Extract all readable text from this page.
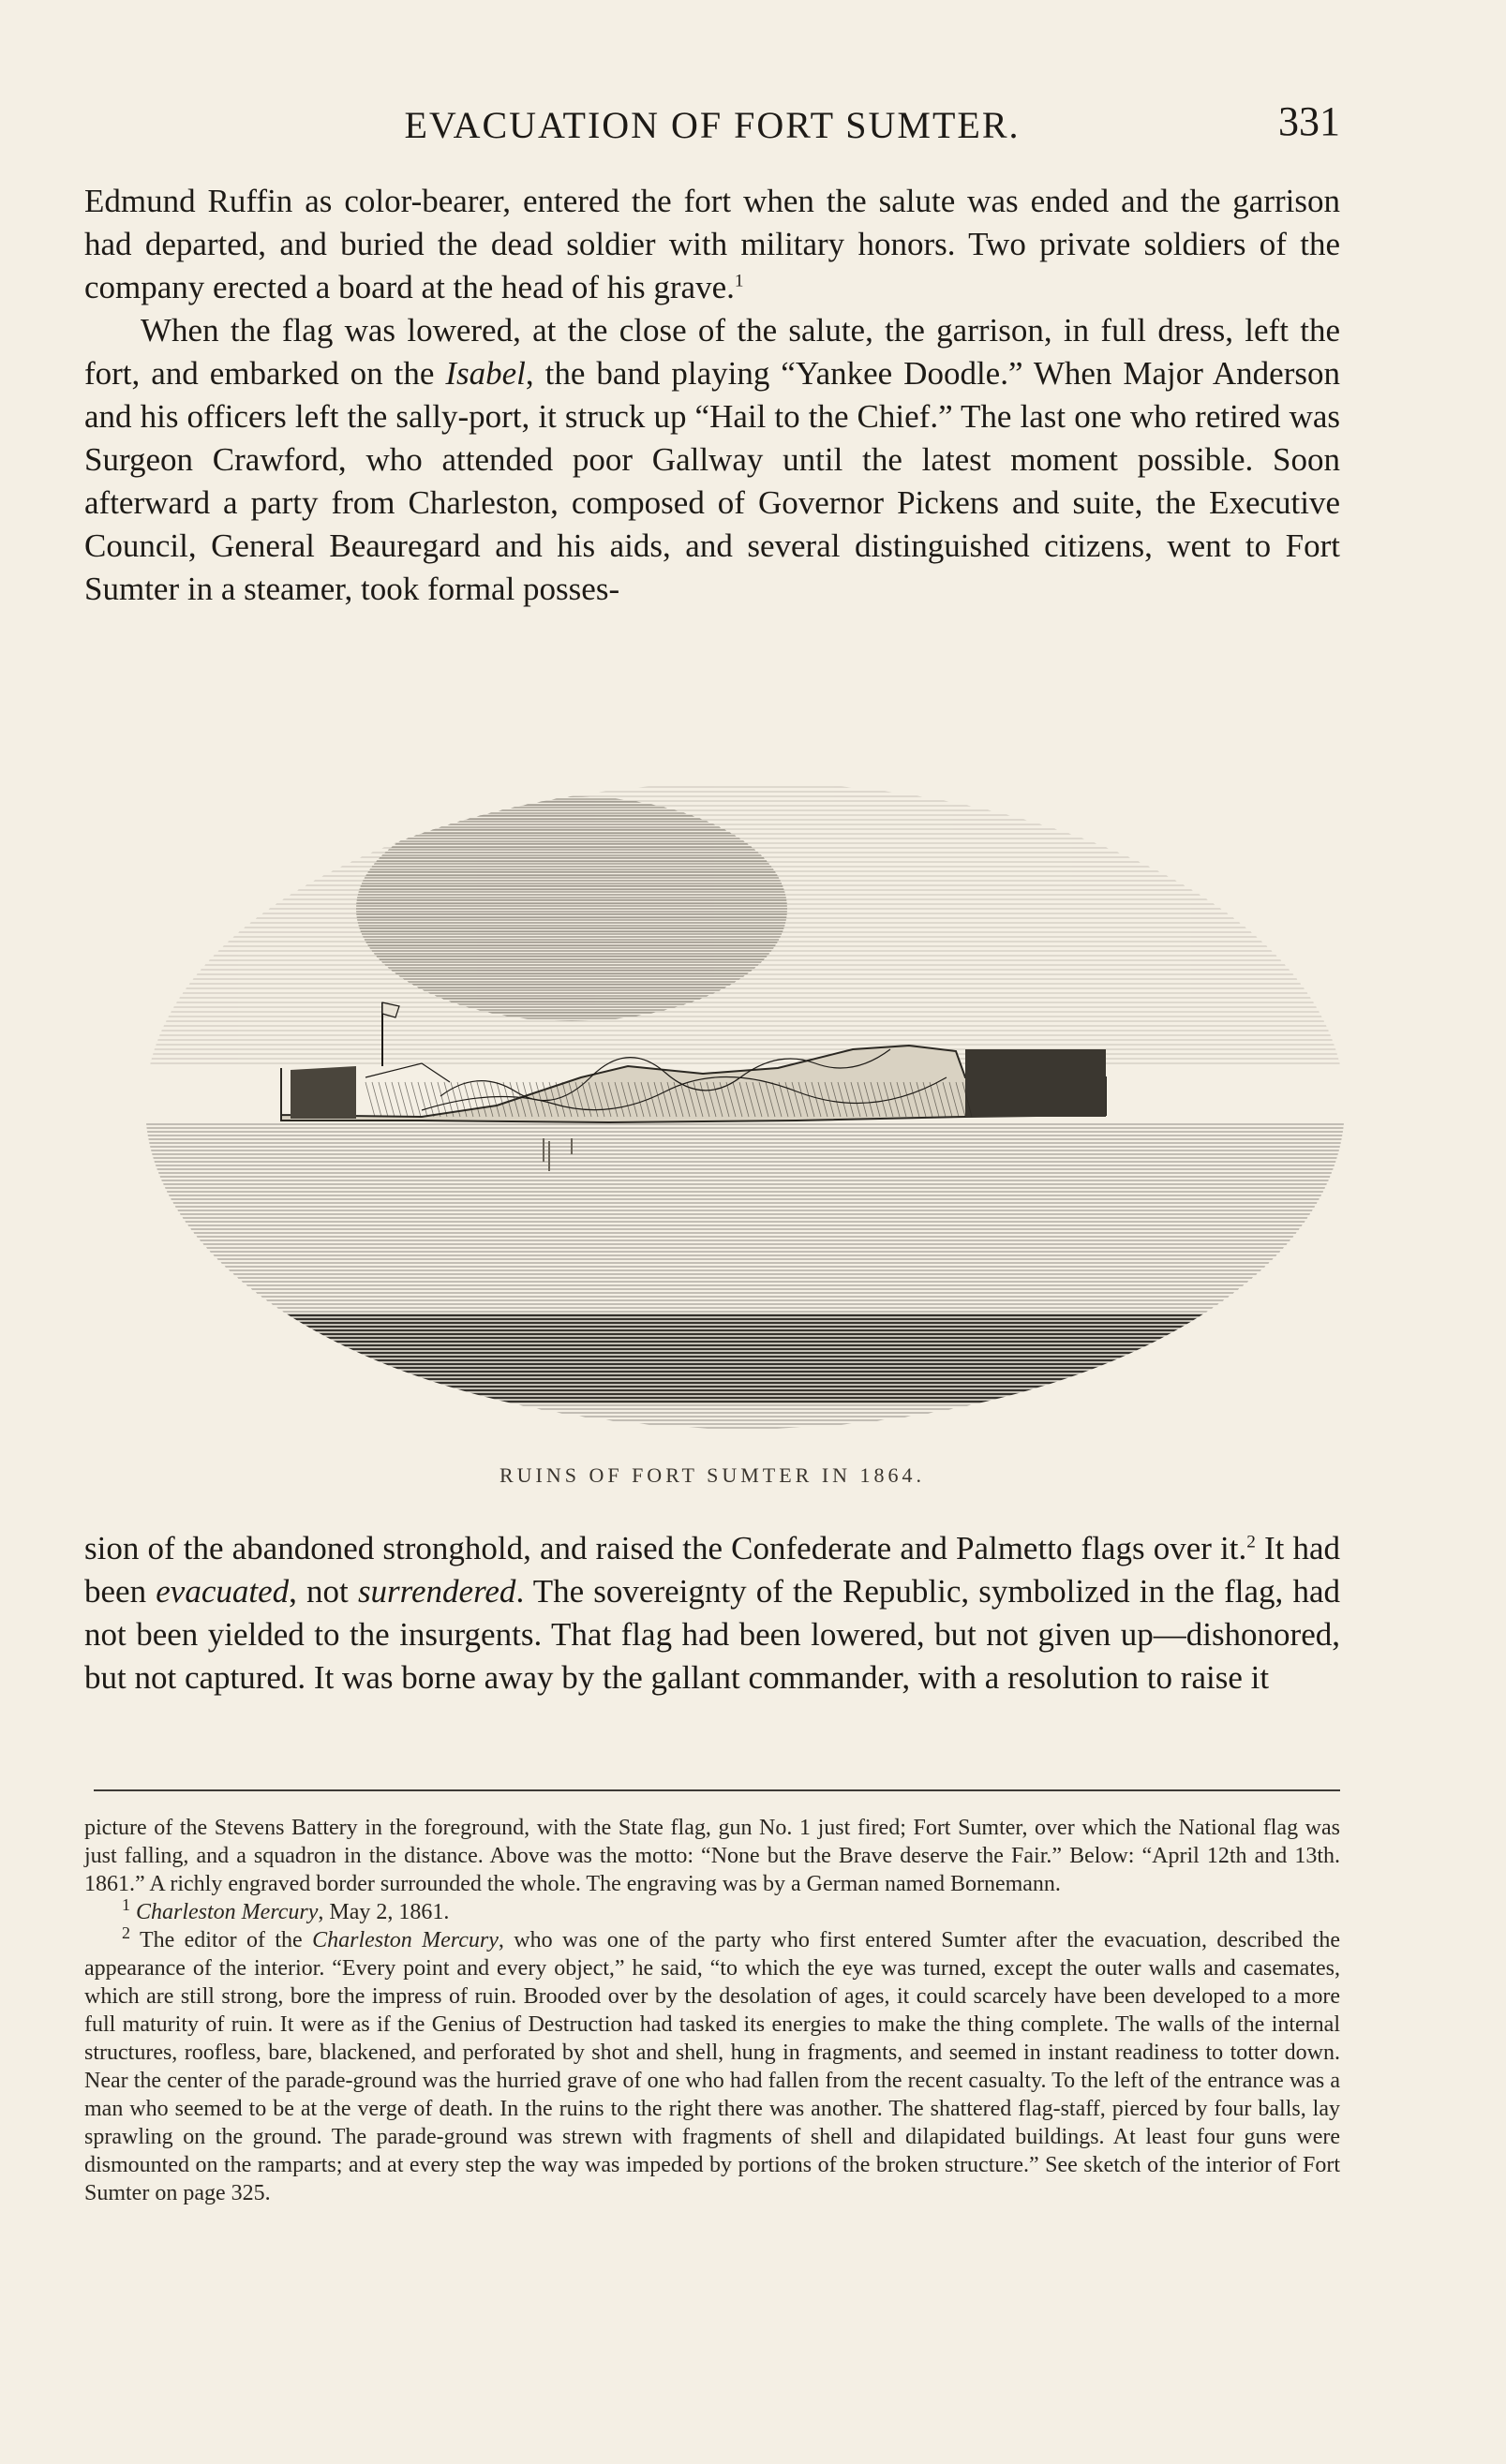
EVACUATION OF FORT SUMTER.	331

Edmund Ruffin as color-bearer, entered the fort when the salute was ended and the garrison had departed, and buried the dead soldier with military honors. Two private soldiers of the company erected a board at the head of his grave.$^1$

When the flag was lowered, at the close of the salute, the garrison, in full dress, left the fort, and embarked on the Isabel, the band playing “Yankee Doodle.” When Major Anderson and his officers left the sally-port, it struck up “Hail to the Chief.” The last one who retired was Surgeon Crawford, who attended poor Gallway until the latest moment possible. Soon afterward a party from Charleston, composed of Governor Pickens and suite, the Executive Council, General Beauregard and his aids, and several distinguished citizens, went to Fort Sumter in a steamer, took formal posses-

RUINS OF FORT SUMTER IN 1864.

sion of the abandoned stronghold, and raised the Confederate and Palmetto flags over it.$^2$ It had been evacuated, not surrendered. The sovereignty of the Republic, symbolized in the flag, had not been yielded to the insurgents. That flag had been lowered, but not given up—dishonored, but not captured. It was borne away by the gallant commander, with a resolution to raise it

picture of the Stevens Battery in the foreground, with the State flag, gun No. 1 just fired; Fort Sumter, over which the National flag was just falling, and a squadron in the distance. Above was the motto: “None but the Brave deserve the Fair.” Below: “April 12th and 13th. 1861.” A richly engraved border surrounded the whole. The engraving was by a German named Bornemann.

$^1$ Charleston Mercury, May 2, 1861.

$^2$ The editor of the Charleston Mercury, who was one of the party who first entered Sumter after the evacuation, described the appearance of the interior. “Every point and every object,” he said, “to which the eye was turned, except the outer walls and casemates, which are still strong, bore the impress of ruin. Brooded over by the desolation of ages, it could scarcely have been developed to a more full maturity of ruin. It were as if the Genius of Destruction had tasked its energies to make the thing complete. The walls of the internal structures, roofless, bare, blackened, and perforated by shot and shell, hung in fragments, and seemed in instant readiness to totter down. Near the center of the parade-ground was the hurried grave of one who had fallen from the recent casualty. To the left of the entrance was a man who seemed to be at the verge of death. In the ruins to the right there was another. The shattered flag-staff, pierced by four balls, lay sprawling on the ground. The parade-ground was strewn with fragments of shell and dilapidated buildings. At least four guns were dismounted on the ramparts; and at every step the way was impeded by portions of the broken structure.” See sketch of the interior of Fort Sumter on page 325.
